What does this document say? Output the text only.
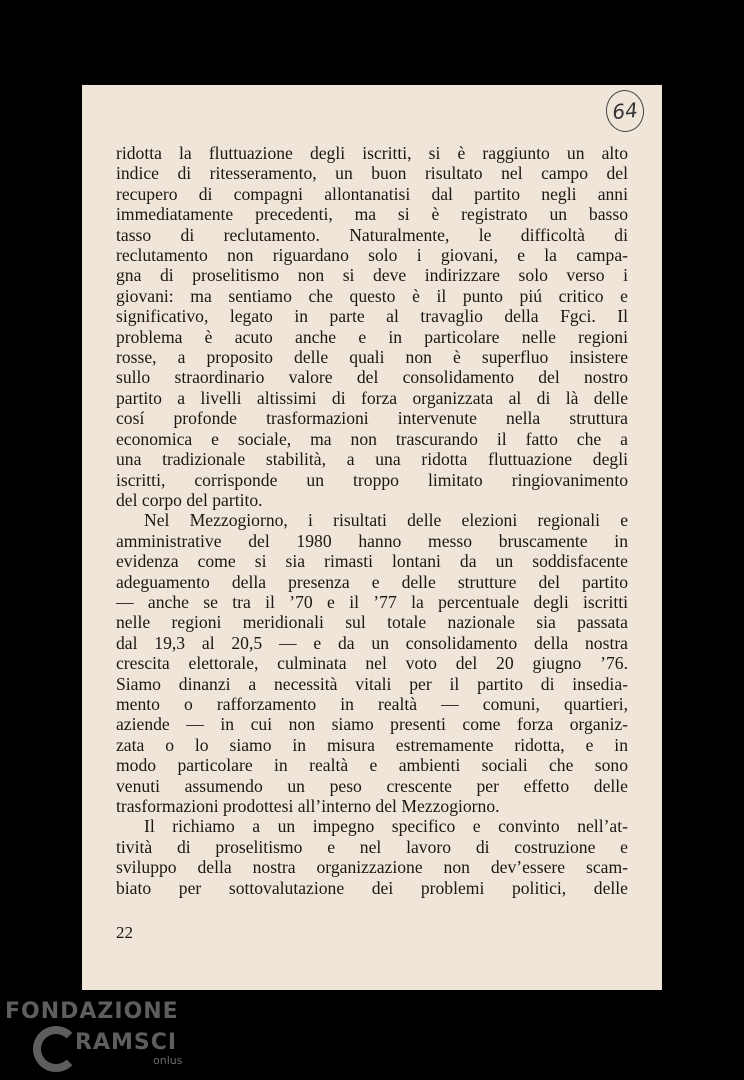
64
ridotta la fluttuazione degli iscritti, si è raggiunto un alto
indice di ritesseramento, un buon risultato nel campo del
recupero di compagni allontanatisi dal partito negli anni
immediatamente precedenti, ma si è registrato un basso
tasso di reclutamento. Naturalmente, le difficoltà di
reclutamento non riguardano solo i giovani, e la campa-
gna di proselitismo non si deve indirizzare solo verso i
giovani: ma sentiamo che questo è il punto piú critico e
significativo, legato in parte al travaglio della Fgci. Il
problema è acuto anche e in particolare nelle regioni
rosse, a proposito delle quali non è superfluo insistere
sullo straordinario valore del consolidamento del nostro
partito a livelli altissimi di forza organizzata al di là delle
cosí profonde trasformazioni intervenute nella struttura
economica e sociale, ma non trascurando il fatto che a
una tradizionale stabilità, a una ridotta fluttuazione degli
iscritti, corrisponde un troppo limitato ringiovanimento
del corpo del partito.
Nel Mezzogiorno, i risultati delle elezioni regionali e
amministrative del 1980 hanno messo bruscamente in
evidenza come si sia rimasti lontani da un soddisfacente
adeguamento della presenza e delle strutture del partito
— anche se tra il ’70 e il ’77 la percentuale degli iscritti
nelle regioni meridionali sul totale nazionale sia passata
dal 19,3 al 20,5 — e da un consolidamento della nostra
crescita elettorale, culminata nel voto del 20 giugno ’76.
Siamo dinanzi a necessità vitali per il partito di insedia-
mento o rafforzamento in realtà — comuni, quartieri,
aziende — in cui non siamo presenti come forza organiz-
zata o lo siamo in misura estremamente ridotta, e in
modo particolare in realtà e ambienti sociali che sono
venuti assumendo un peso crescente per effetto delle
trasformazioni prodottesi all’interno del Mezzogiorno.
Il richiamo a un impegno specifico e convinto nell’at-
tività di proselitismo e nel lavoro di costruzione e
sviluppo della nostra organizzazione non dev’essere scam-
biato per sottovalutazione dei problemi politici, delle
22
FONDAZIONE
RAMSCI
onlus
